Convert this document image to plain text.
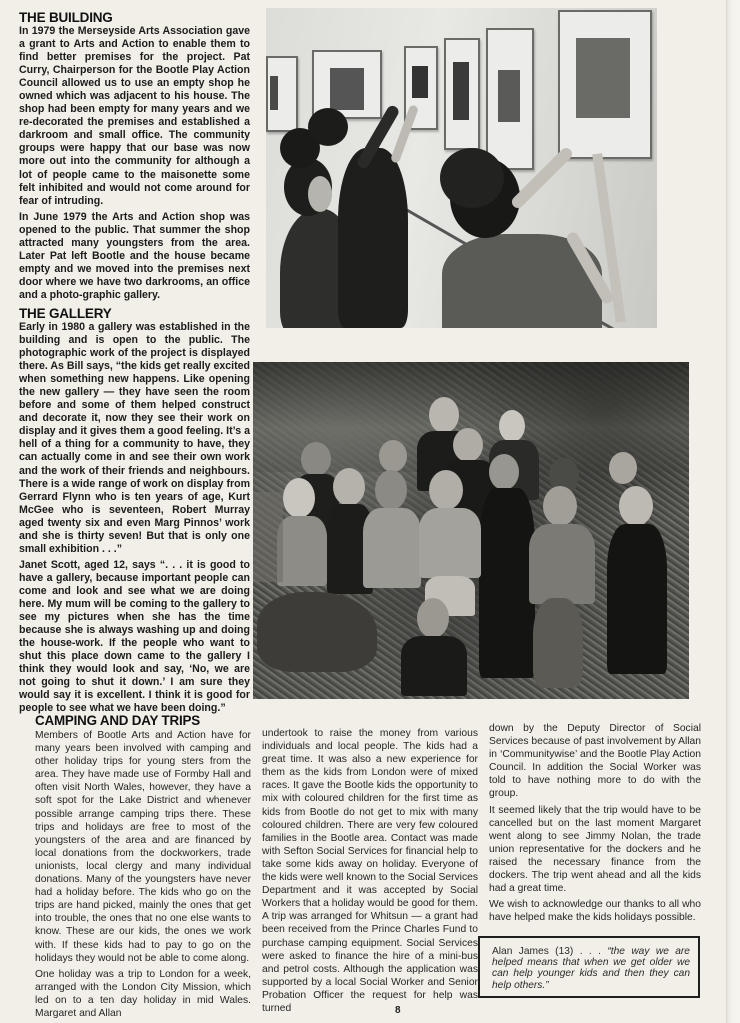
THE BUILDING

In 1979 the Merseyside Arts Association gave a grant to Arts and Action to enable them to find better premises for the project. Pat Curry, Chairperson for the Bootle Play Action Council allowed us to use an empty shop he owned which was adjacent to his house. The shop had been empty for many years and we re-decorated the premises and established a darkroom and small office. The community groups were happy that our base was now more out into the community for although a lot of people came to the maisonette some felt inhibited and would not come around for fear of intruding.

In June 1979 the Arts and Action shop was opened to the public. That summer the shop attracted many youngsters from the area. Later Pat left Bootle and the house became empty and we moved into the premises next door where we have two darkrooms, an office and a photo-graphic gallery.

THE GALLERY

Early in 1980 a gallery was established in the building and is open to the public. The photographic work of the project is displayed there. As Bill says, “the kids get really excited when something new happens. Like opening the new gallery — they have seen the room before and some of them helped construct and decorate it, now they see their work on display and it gives them a good feeling. It’s a hell of a thing for a community to have, they can actually come in and see their own work and the work of their friends and neighbours. There is a wide range of work on display from Gerrard Flynn who is ten years of age, Kurt McGee who is seventeen, Robert Murray aged twenty six and even Marg Pinnos’ work and she is thirty seven! But that is only one small exhibition . . .”

Janet Scott, aged 12, says “. . . it is good to have a gallery, because important people can come and look and see what we are doing here. My mum will be coming to the gallery to see my pictures when she has the time because she is always washing up and doing the house-work. If the people who want to shut this place down came to the gallery I think they would look and say, ‘No, we are not going to shut it down.’ I am sure they would say it is excellent. I think it is good for people to see what we have been doing.”

CAMPING AND DAY TRIPS

Members of Bootle Arts and Action have for many years been involved with camping and other holiday trips for young sters from the area. They have made use of Formby Hall and often visit North Wales, however, they have a soft spot for the Lake District and whenever possible arrange camping trips there. These trips and holidays are free to most of the youngsters of the area and are financed by local donations from the dockworkers, trade unionists, local clergy and many individual donations. Many of the youngsters have never had a holiday before. The kids who go on the trips are hand picked, mainly the ones that get into trouble, the ones that no one else wants to know. These are our kids, the ones we work with. If these kids had to pay to go on the holidays they would not be able to come along.

One holiday was a trip to London for a week, arranged with the London City Mission, which led on to a ten day holiday in mid Wales. Margaret and Allan

undertook to raise the money from various individuals and local people. The kids had a great time. It was also a new experience for them as the kids from London were of mixed races. It gave the Bootle kids the opportunity to mix with coloured children for the first time as kids from Bootle do not get to mix with many coloured children. There are very few coloured families in the Bootle area. Contact was made with Sefton Social Services for financial help to take some kids away on holiday. Everyone of the kids were well known to the Social Services Department and it was accepted by Social Workers that a holiday would be good for them. A trip was arranged for Whitsun — a grant had been received from the Prince Charles Fund to purchase camping equipment. Social Services were asked to finance the hire of a mini-bus and petrol costs. Although the application was supported by a local Social Worker and Senior Probation Officer the request for help was turned

down by the Deputy Director of Social Services because of past involvement by Allan in ‘Communitywise’ and the Bootle Play Action Council. In addition the Social Worker was told to have nothing more to do with the group.

It seemed likely that the trip would have to be cancelled but on the last moment Margaret went along to see Jimmy Nolan, the trade union representative for the dockers and he raised the necessary finance from the dockers. The trip went ahead and all the kids had a great time.

We wish to acknowledge our thanks to all who have helped make the kids holidays possible.

Alan James (13) . . . “the way we are helped means that when we get older we can help younger kids and then they can help others.”
8
